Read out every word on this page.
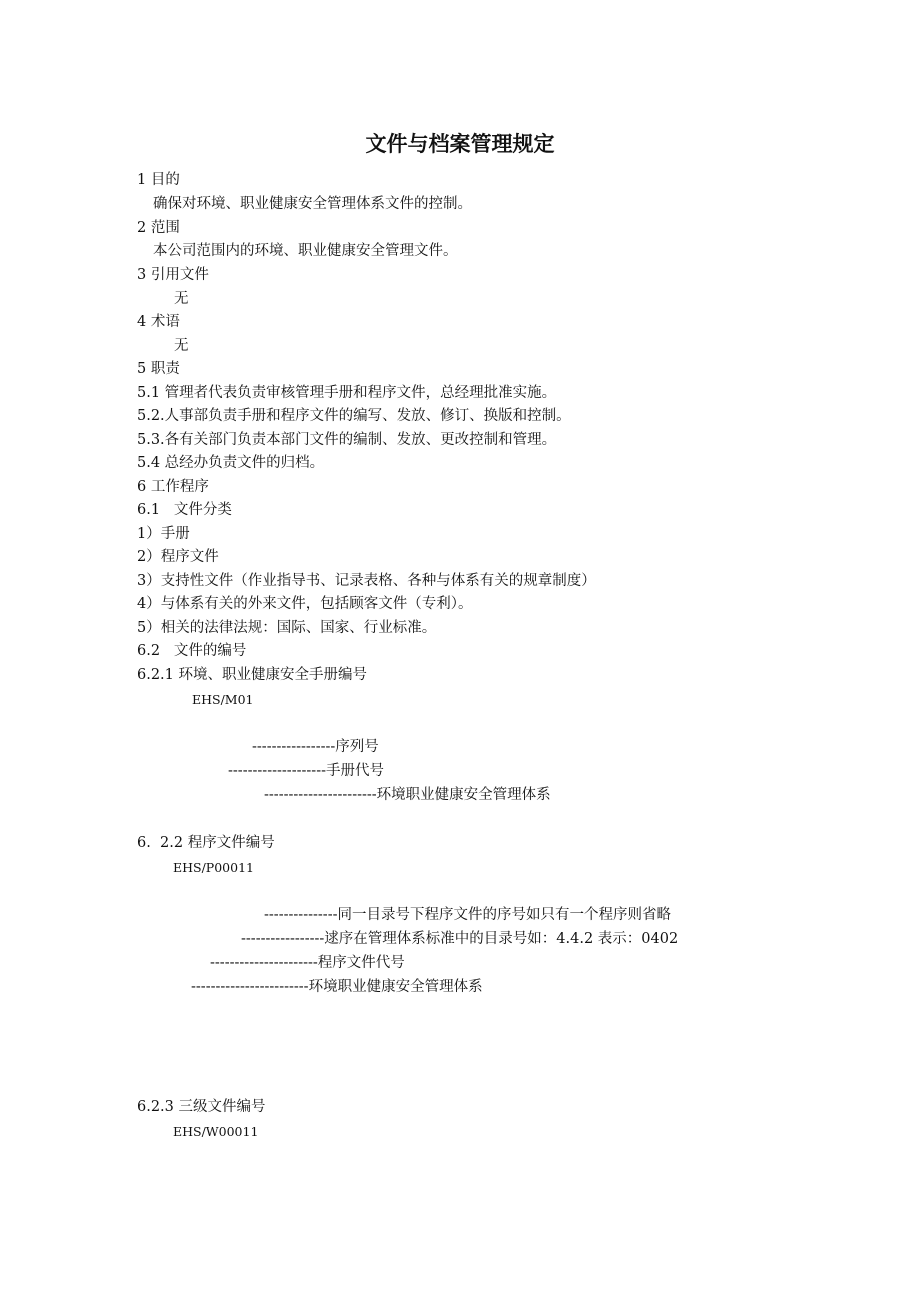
文件与档案管理规定
1 目的
确保对环境、职业健康安全管理体系文件的控制。
2 范围
本公司范围内的环境、职业健康安全管理文件。
3 引用文件
无
4 术语
无
5 职责
5.1 管理者代表负责审核管理手册和程序文件，总经理批准实施。
5.2.人事部负责手册和程序文件的编写、发放、修订、换版和控制。
5.3.各有关部门负责本部门文件的编制、发放、更改控制和管理。
5.4 总经办负责文件的归档。
6 工作程序
6.1   文件分类
1）手册
2）程序文件
3）支持性文件（作业指导书、记录表格、各种与体系有关的规章制度）
4）与体系有关的外来文件，包括顾客文件（专利）。
5）相关的法律法规：国际、国家、行业标准。
6.2   文件的编号
6.2.1 环境、职业健康安全手册编号
EHS/M01
-----------------序列号
--------------------手册代号
-----------------------环境职业健康安全管理体系
6.  2.2 程序文件编号
EHS/P00011
---------------同一目录号下程序文件的序号如只有一个程序则省略
-----------------逑序在管理体系标准中的目录号如：4.4.2 表示：0402
----------------------程序文件代号
------------------------环境职业健康安全管理体系
6.2.3 三级文件编号
EHS/W00011
